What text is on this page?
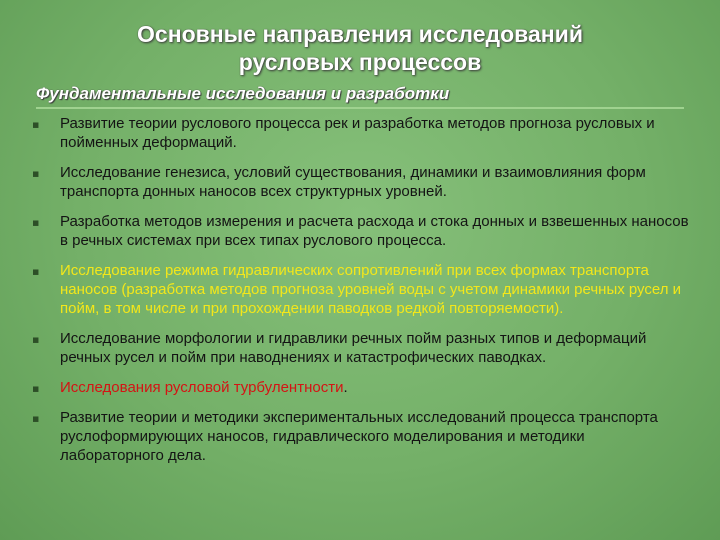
Основные направления исследований
русловых процессов
Фундаментальные исследования и разработки
▪ Развитие теории руслового процесса рек и разработка методов прогноза русловых и пойменных деформаций.
▪ Исследование генезиса, условий существования, динамики и взаимовлияния форм транспорта донных наносов всех структурных уровней.
▪ Разработка методов измерения и расчета расхода и стока донных и взвешенных наносов в речных системах при всех типах руслового процесса.
▪ Исследование режима гидравлических сопротивлений при всех формах транспорта наносов (разработка методов прогноза уровней воды с учетом динамики речных русел и пойм, в том числе и при прохождении паводков редкой повторяемости).
▪ Исследование морфологии и гидравлики речных пойм разных типов и деформаций речных русел и пойм при наводнениях и катастрофических паводках.
▪ Исследования русловой турбулентности.
▪ Развитие теории и методики экспериментальных исследований процесса транспорта руслоформирующих наносов, гидравлического моделирования и методики лабораторного дела.
